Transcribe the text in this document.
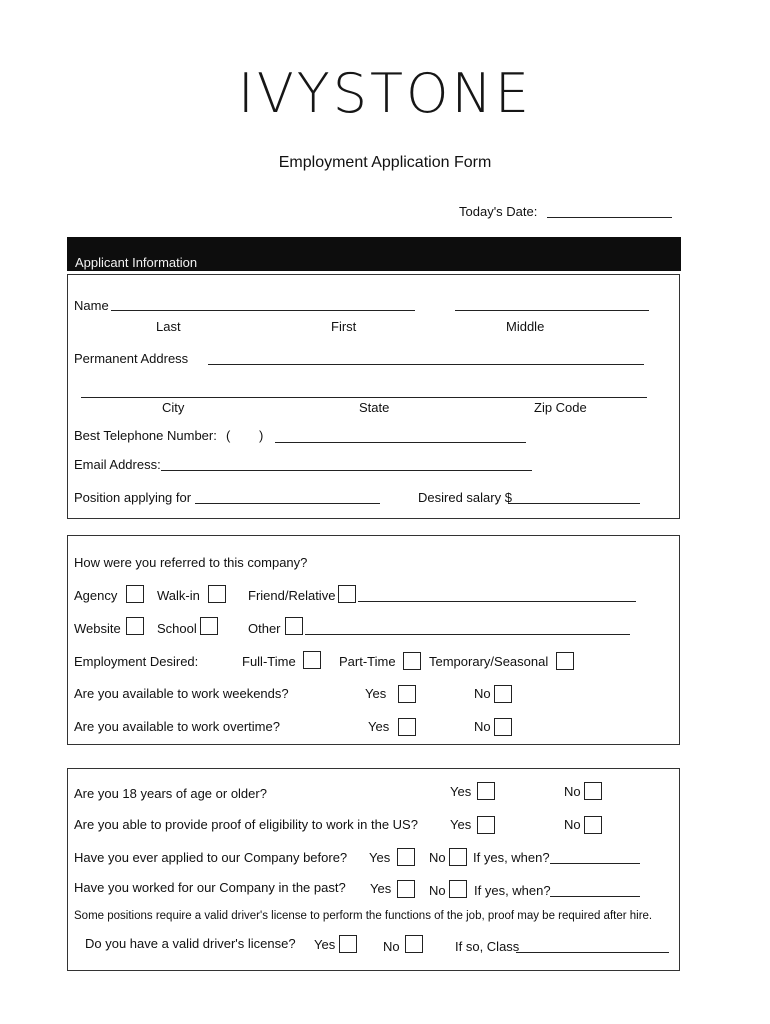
IVYSTONE
Employment Application Form
Today's Date:
Applicant Information
Name
Last	First	Middle
Permanent Address
City	State	Zip Code
Best Telephone Number: ( )
Email Address:
Position applying for	Desired salary $
How were you referred to this company?
Agency	Walk-in	Friend/Relative
Website	School	Other
Employment Desired:	Full-Time	Part-Time	Temporary/Seasonal
Are you available to work weekends?	Yes	No
Are you available to work overtime?	Yes	No
Are you 18 years of age or older?	Yes	No
Are you able to provide proof of eligibility to work in the US? Yes	No
Have you ever applied to our Company before? Yes	No If yes, when?
Have you worked for our Company in the past? Yes	No If yes, when?
Some positions require a valid driver's license to perform the functions of the job, proof may be required after hire.
Do you have a valid driver's license? Yes	No	If so, Class
